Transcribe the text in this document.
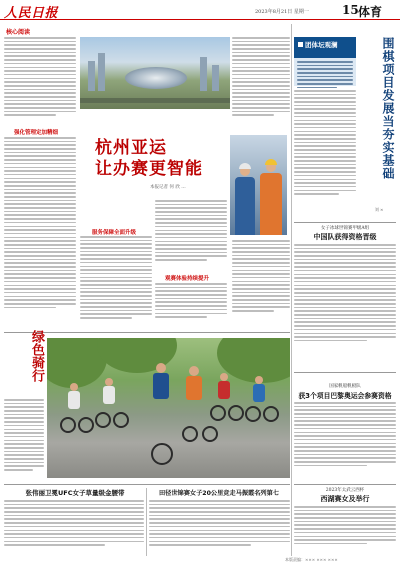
人民日报	2023年8月21日 星期一	15 体育
核心阅读
强化管理定加精细
杭州亚运
让办赛更智能
本报记者 何 欣 …
服务保障全面升级
观赛体验持续提升
团体坛观澜	围棋项目发展当夯实基础
刘 ×
女子冰球世锦赛甲级A组
中国队获得资格晋级
国家帆船帆板队
获3个项目巴黎奥运会参赛资格
2023年太武云西杯
西湖赛女及举行
绿色骑行
张伟丽卫冕UFC女子草量级金腰带	田径世锦赛女子20公里竞走马振霞名列第七
本版责编：××× ××× ×××
